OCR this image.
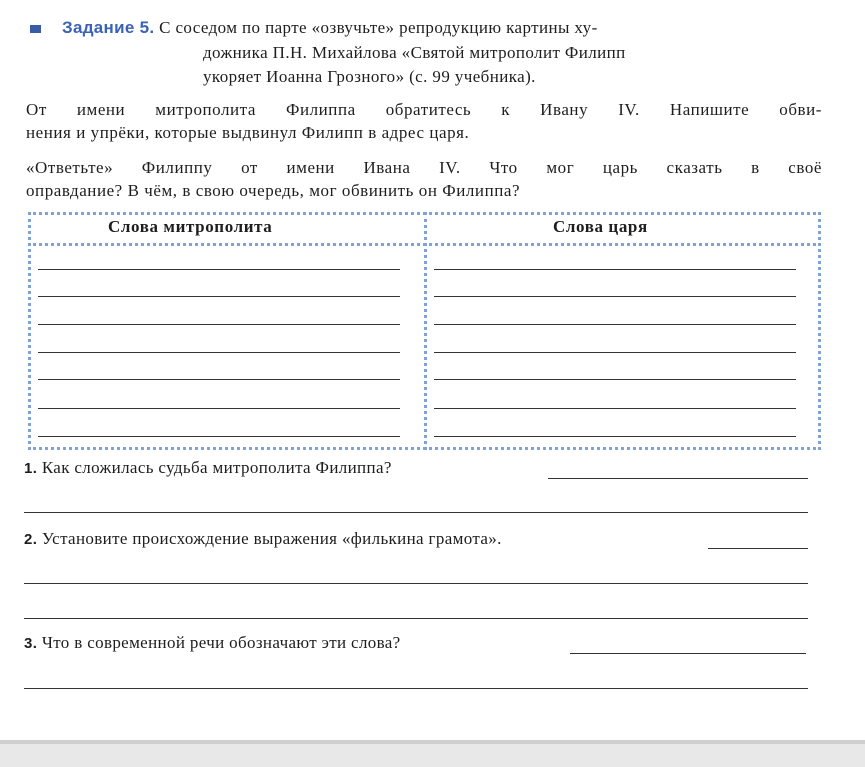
Задание 5. С соседом по парте «озвучьте» репродукцию картины ху-
дожника П.Н. Михайлова «Святой митрополит Филипп
укоряет Иоанна Грозного» (с. 99 учебника).
От имени митрополита Филиппа обратитесь к Ивану IV. Напишите обви-
нения и упрёки, которые выдвинул Филипп в адрес царя.
«Ответьте» Филиппу от имени Ивана IV. Что мог царь сказать в своё
оправдание? В чём, в свою очередь, мог обвинить он Филиппа?
Слова митрополита	Слова царя
1. Как сложилась судьба митрополита Филиппа?
2. Установите происхождение выражения «филькина грамота».
3. Что в современной речи обозначают эти слова?
